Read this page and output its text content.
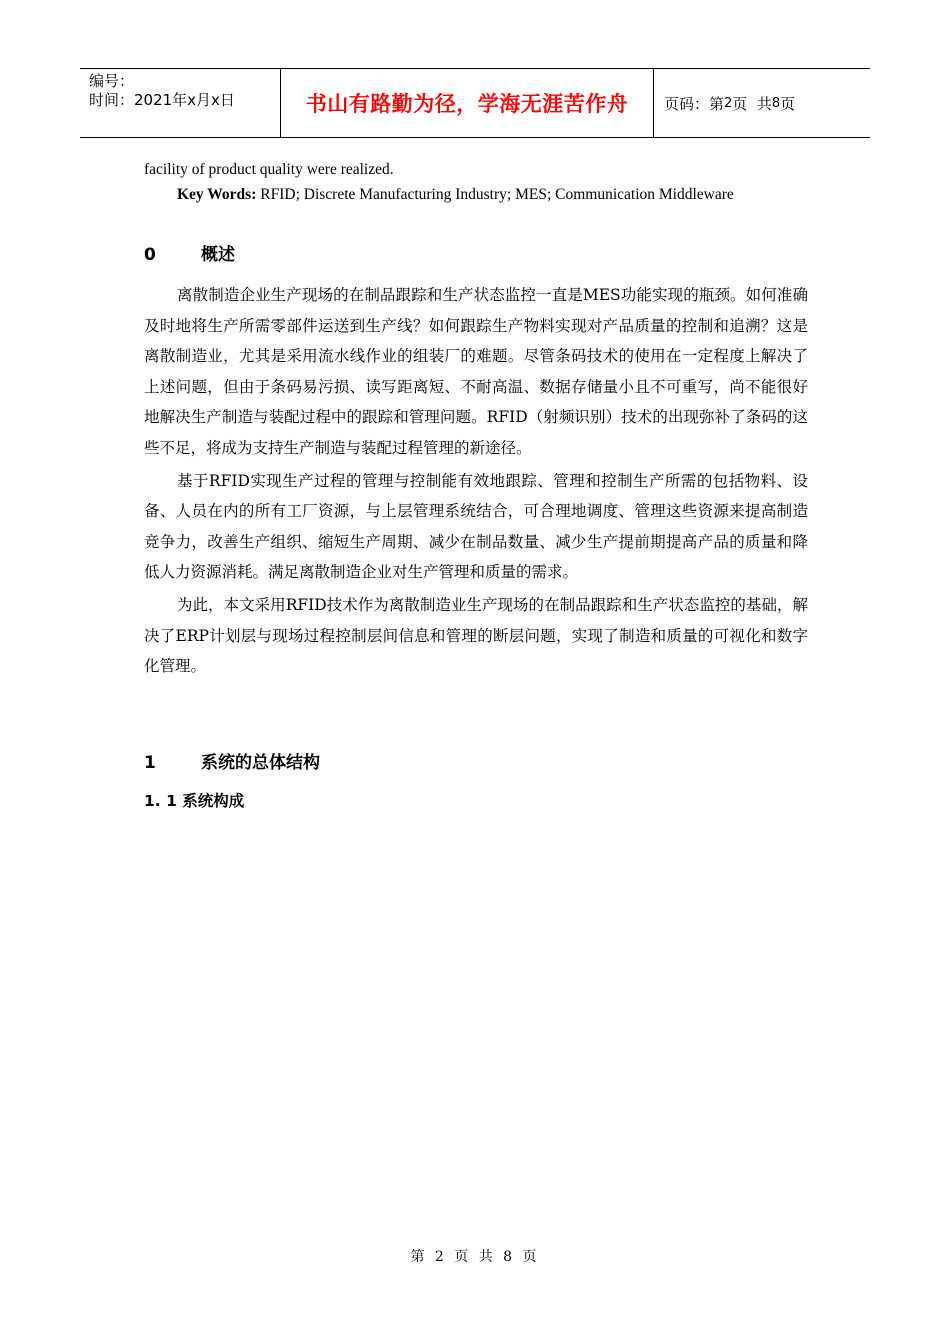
编号：
时间：2021年x月x日	书山有路勤为径，学海无涯苦作舟 页码：第 2 页  共 8 页
facility of product quality were realized.
Key Words: RFID; Discrete Manufacturing Industry; MES; Communication Middleware
0	概述

离散制造企业生产现场的在制品跟踪和生产状态监控一直是MES功能实现的瓶颈。如何准确及时地将生产所需零部件运送到生产线？如何跟踪生产物料实现对产品质量的控制和追溯？这是离散制造业，尤其是采用流水线作业的组装厂的难题。尽管条码技术的使用在一定程度上解决了上述问题，但由于条码易污损、读写距离短、不耐高温、数据存储量小且不可重写，尚不能很好地解决生产制造与装配过程中的跟踪和管理问题。RFID（射频识别）技术的出现弥补了条码的这些不足，将成为支持生产制造与装配过程管理的新途径。

基于RFID实现生产过程的管理与控制能有效地跟踪、管理和控制生产所需的包括物料、设备、人员在内的所有工厂资源，与上层管理系统结合，可合理地调度、管理这些资源来提高制造竞争力，改善生产组织、缩短生产周期、减少在制品数量、减少生产提前期提高产品的质量和降低人力资源消耗。满足离散制造企业对生产管理和质量的需求。

为此，本文采用RFID技术作为离散制造业生产现场的在制品跟踪和生产状态监控的基础，解决了ERP计划层与现场过程控制层间信息和管理的断层问题，实现了制造和质量的可视化和数字化管理。

1	系统的总体结构
1. 1 系统构成
第 2 页 共 8 页
